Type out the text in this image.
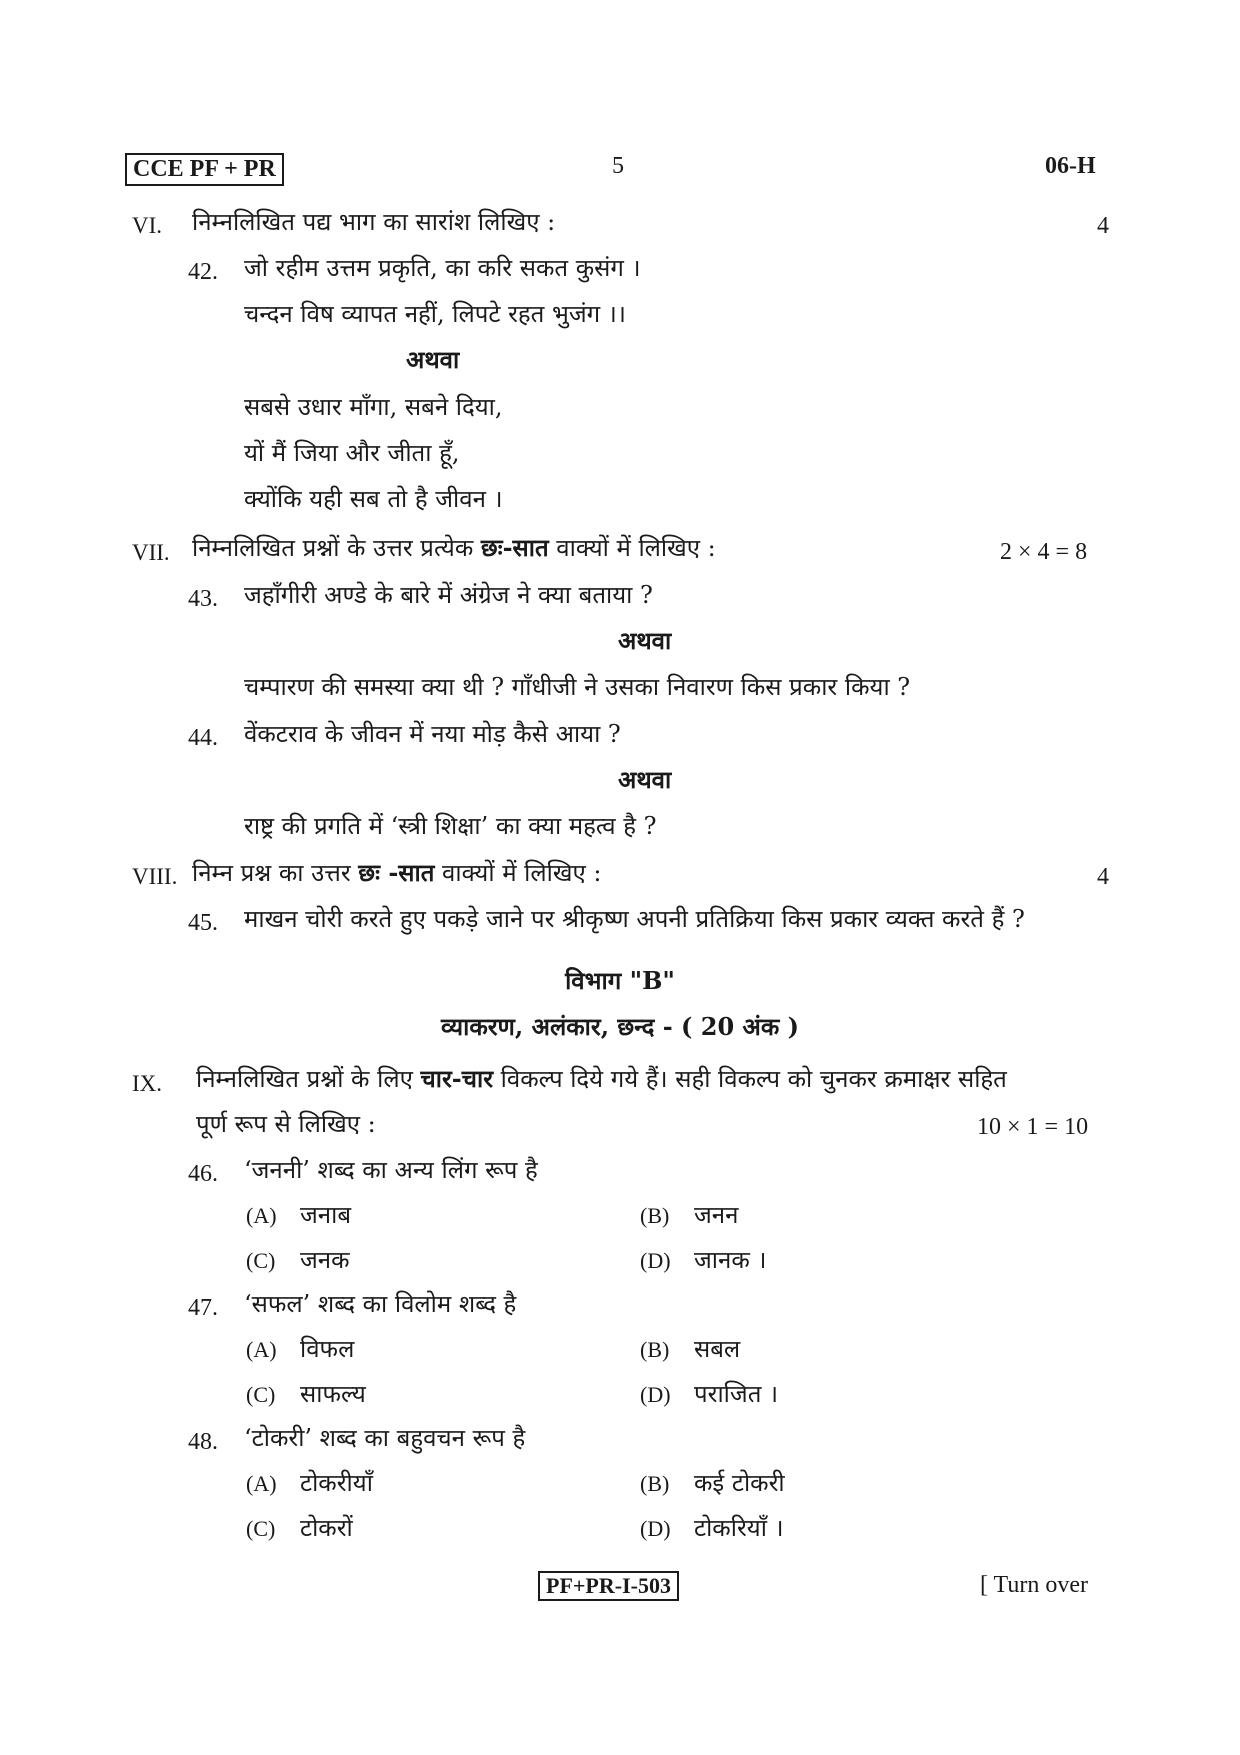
CCE PF + PR	5	06-H
VI. निम्नलिखित पद्य भाग का सारांश लिखिए :	4
42. जो रहीम उत्तम प्रकृति, का करि सकत कुसंग ।
चन्दन विष व्यापत नहीं, लिपटे रहत भुजंग ।।
अथवा
सबसे उधार माँगा, सबने दिया,
यों मैं जिया और जीता हूँ,
क्योंकि यही सब तो है जीवन ।
VII. निम्नलिखित प्रश्नों के उत्तर प्रत्येक छः-सात वाक्यों में लिखिए :	2 × 4 = 8
43. जहाँगीरी अण्डे के बारे में अंग्रेज ने क्या बताया ?
अथवा
चम्पारण की समस्या क्या थी ? गाँधीजी ने उसका निवारण किस प्रकार किया ?
44. वेंकटराव के जीवन में नया मोड़ कैसे आया ?
अथवा
राष्ट्र की प्रगति में ‘स्त्री शिक्षा’ का क्या महत्व है ?
VIII. निम्न प्रश्न का उत्तर छः -सात वाक्यों में लिखिए :	4
45. माखन चोरी करते हुए पकड़े जाने पर श्रीकृष्ण अपनी प्रतिक्रिया किस प्रकार व्यक्त करते हैं ?
विभाग "B"
व्याकरण, अलंकार, छन्द - ( 20 अंक )
IX. निम्नलिखित प्रश्नों के लिए चार-चार विकल्प दिये गये हैं। सही विकल्प को चुनकर क्रमाक्षर सहित
पूर्ण रूप से लिखिए :	10 × 1 = 10
46. ‘जननी’ शब्द का अन्य लिंग रूप है
(A) जनाब	(B) जनन
(C) जनक	(D) जानक ।
47. ‘सफल’ शब्द का विलोम शब्द है
(A) विफल	(B) सबल
(C) साफल्य	(D) पराजित ।
48. ‘टोकरी’ शब्द का बहुवचन रूप है
(A) टोकरीयाँ	(B) कई टोकरी
(C) टोकरों	(D) टोकरियाँ ।
PF+PR-I-503	[ Turn over
